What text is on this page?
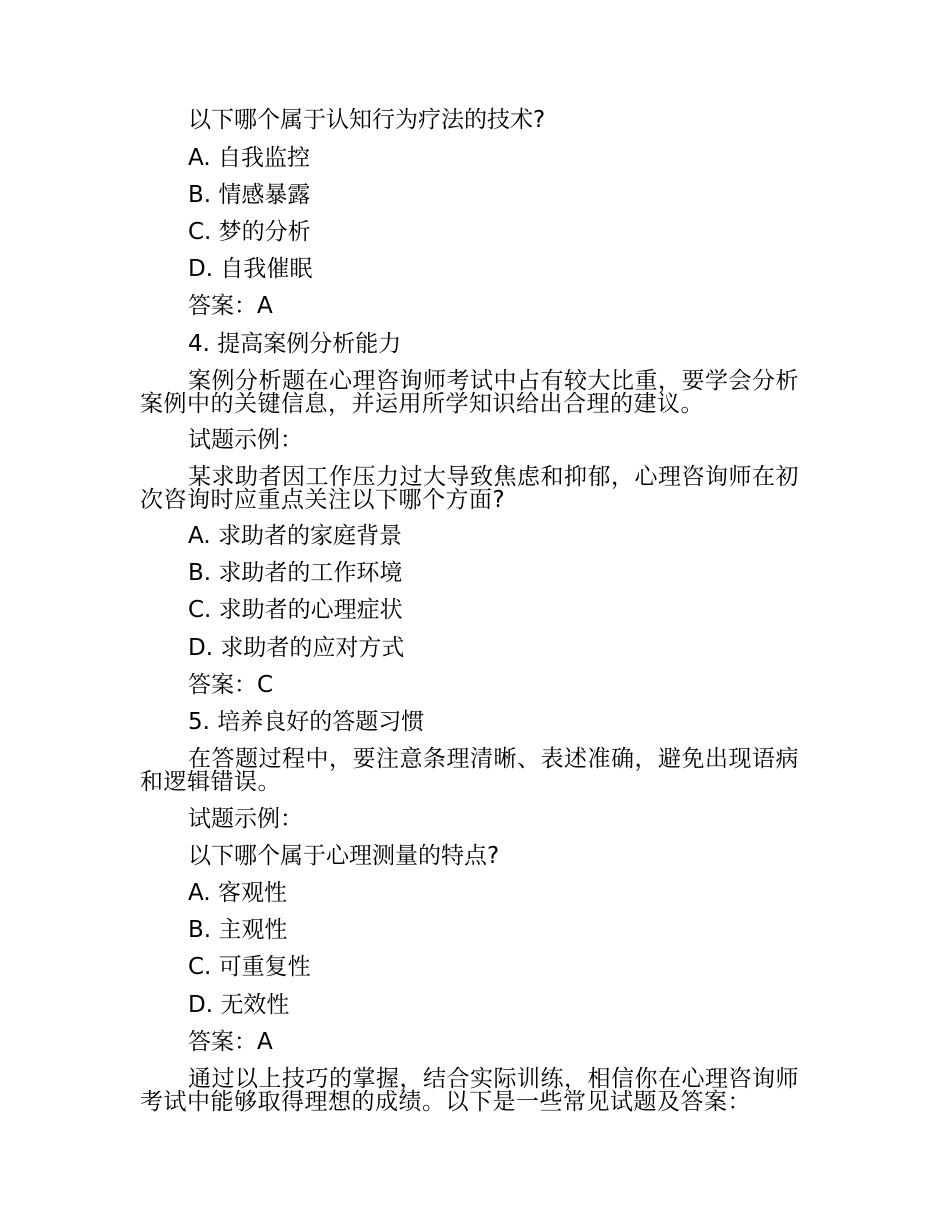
以下哪个属于认知行为疗法的技术?
A. 自我监控
B. 情感暴露
C. 梦的分析
D. 自我催眠
答案：A
4. 提高案例分析能力
案例分析题在心理咨询师考试中占有较大比重，要学会分析案例中的关键信息，并运用所学知识给出合理的建议。
试题示例：
某求助者因工作压力过大导致焦虑和抑郁，心理咨询师在初次咨询时应重点关注以下哪个方面?
A. 求助者的家庭背景
B. 求助者的工作环境
C. 求助者的心理症状
D. 求助者的应对方式
答案：C
5. 培养良好的答题习惯
在答题过程中，要注意条理清晰、表述准确，避免出现语病和逻辑错误。
试题示例：
以下哪个属于心理测量的特点?
A. 客观性
B. 主观性
C. 可重复性
D. 无效性
答案：A
通过以上技巧的掌握，结合实际训练，相信你在心理咨询师考试中能够取得理想的成绩。以下是一些常见试题及答案：
